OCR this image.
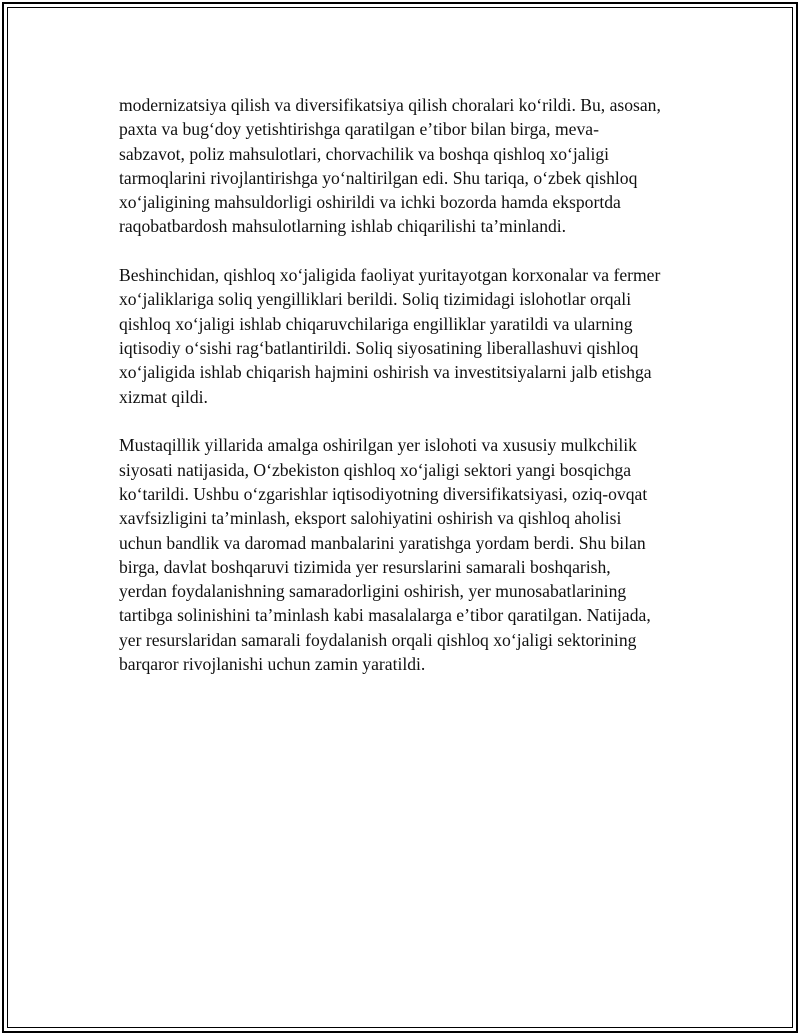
modernizatsiya qilish va diversifikatsiya qilish choralari koʻrildi. Bu, asosan,
paxta va bugʻdoy yetishtirishga qaratilgan eʼtibor bilan birga, meva-
sabzavot, poliz mahsulotlari, chorvachilik va boshqa qishloq xoʻjaligi
tarmoqlarini rivojlantirishga yoʻnaltirilgan edi. Shu tariqa, oʻzbek qishloq
xoʻjaligining mahsuldorligi oshirildi va ichki bozorda hamda eksportda
raqobatbardosh mahsulotlarning ishlab chiqarilishi taʼminlandi.
Beshinchidan, qishloq xoʻjaligida faoliyat yuritayotgan korxonalar va fermer
xoʻjaliklariga soliq yengilliklari berildi. Soliq tizimidagi islohotlar orqali
qishloq xoʻjaligi ishlab chiqaruvchilariga engilliklar yaratildi va ularning
iqtisodiy oʻsishi ragʻbatlantirildi. Soliq siyosatining liberallashuvi qishloq
xoʻjaligida ishlab chiqarish hajmini oshirish va investitsiyalarni jalb etishga
xizmat qildi.
Mustaqillik yillarida amalga oshirilgan yer islohoti va xususiy mulkchilik
siyosati natijasida, Oʻzbekiston qishloq xoʻjaligi sektori yangi bosqichga
koʻtarildi. Ushbu oʻzgarishlar iqtisodiyotning diversifikatsiyasi, oziq-ovqat
xavfsizligini taʼminlash, eksport salohiyatini oshirish va qishloq aholisi
uchun bandlik va daromad manbalarini yaratishga yordam berdi. Shu bilan
birga, davlat boshqaruvi tizimida yer resurslarini samarali boshqarish,
yerdan foydalanishning samaradorligini oshirish, yer munosabatlarining
tartibga solinishini taʼminlash kabi masalalarga eʼtibor qaratilgan. Natijada,
yer resurslaridan samarali foydalanish orqali qishloq xoʻjaligi sektorining
barqaror rivojlanishi uchun zamin yaratildi.
